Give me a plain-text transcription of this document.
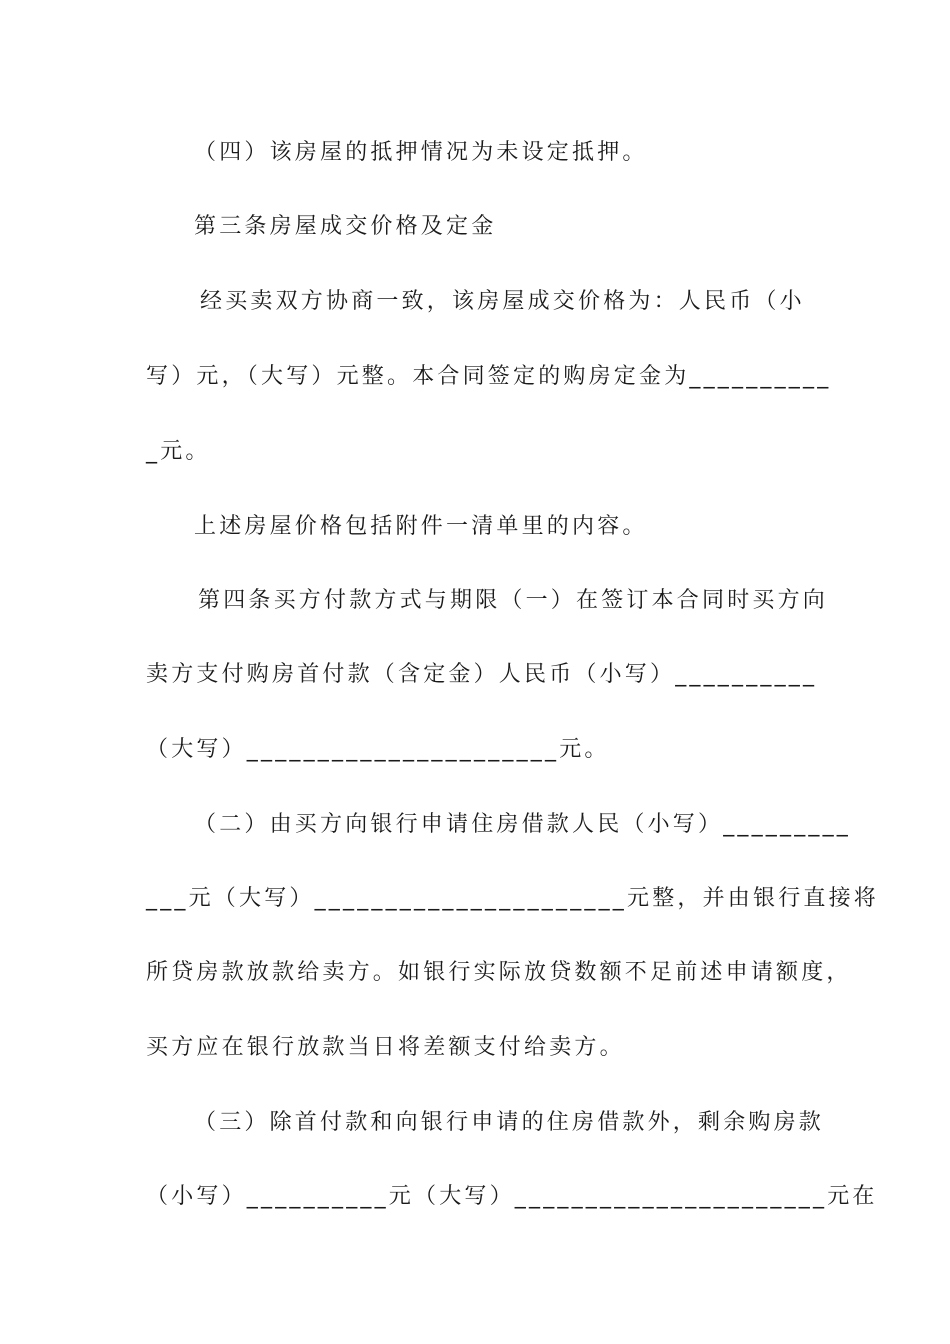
（四）该房屋的抵押情况为未设定抵押。
第三条房屋成交价格及定金
经买卖双方协商一致，该房屋成交价格为：人民币（小
写）元，（大写）元整。本合同签定的购房定金为__________
_元。
上述房屋价格包括附件一清单里的内容。
第四条买方付款方式与期限（一）在签订本合同时买方向
卖方支付购房首付款（含定金）人民币（小写）__________
（大写）______________________元。
（二）由买方向银行申请住房借款人民（小写）_________
___元（大写）______________________元整，并由银行直接将
所贷房款放款给卖方。如银行实际放贷数额不足前述申请额度，
买方应在银行放款当日将差额支付给卖方。
（三）除首付款和向银行申请的住房借款外，剩余购房款
（小写）__________元（大写）______________________元在
